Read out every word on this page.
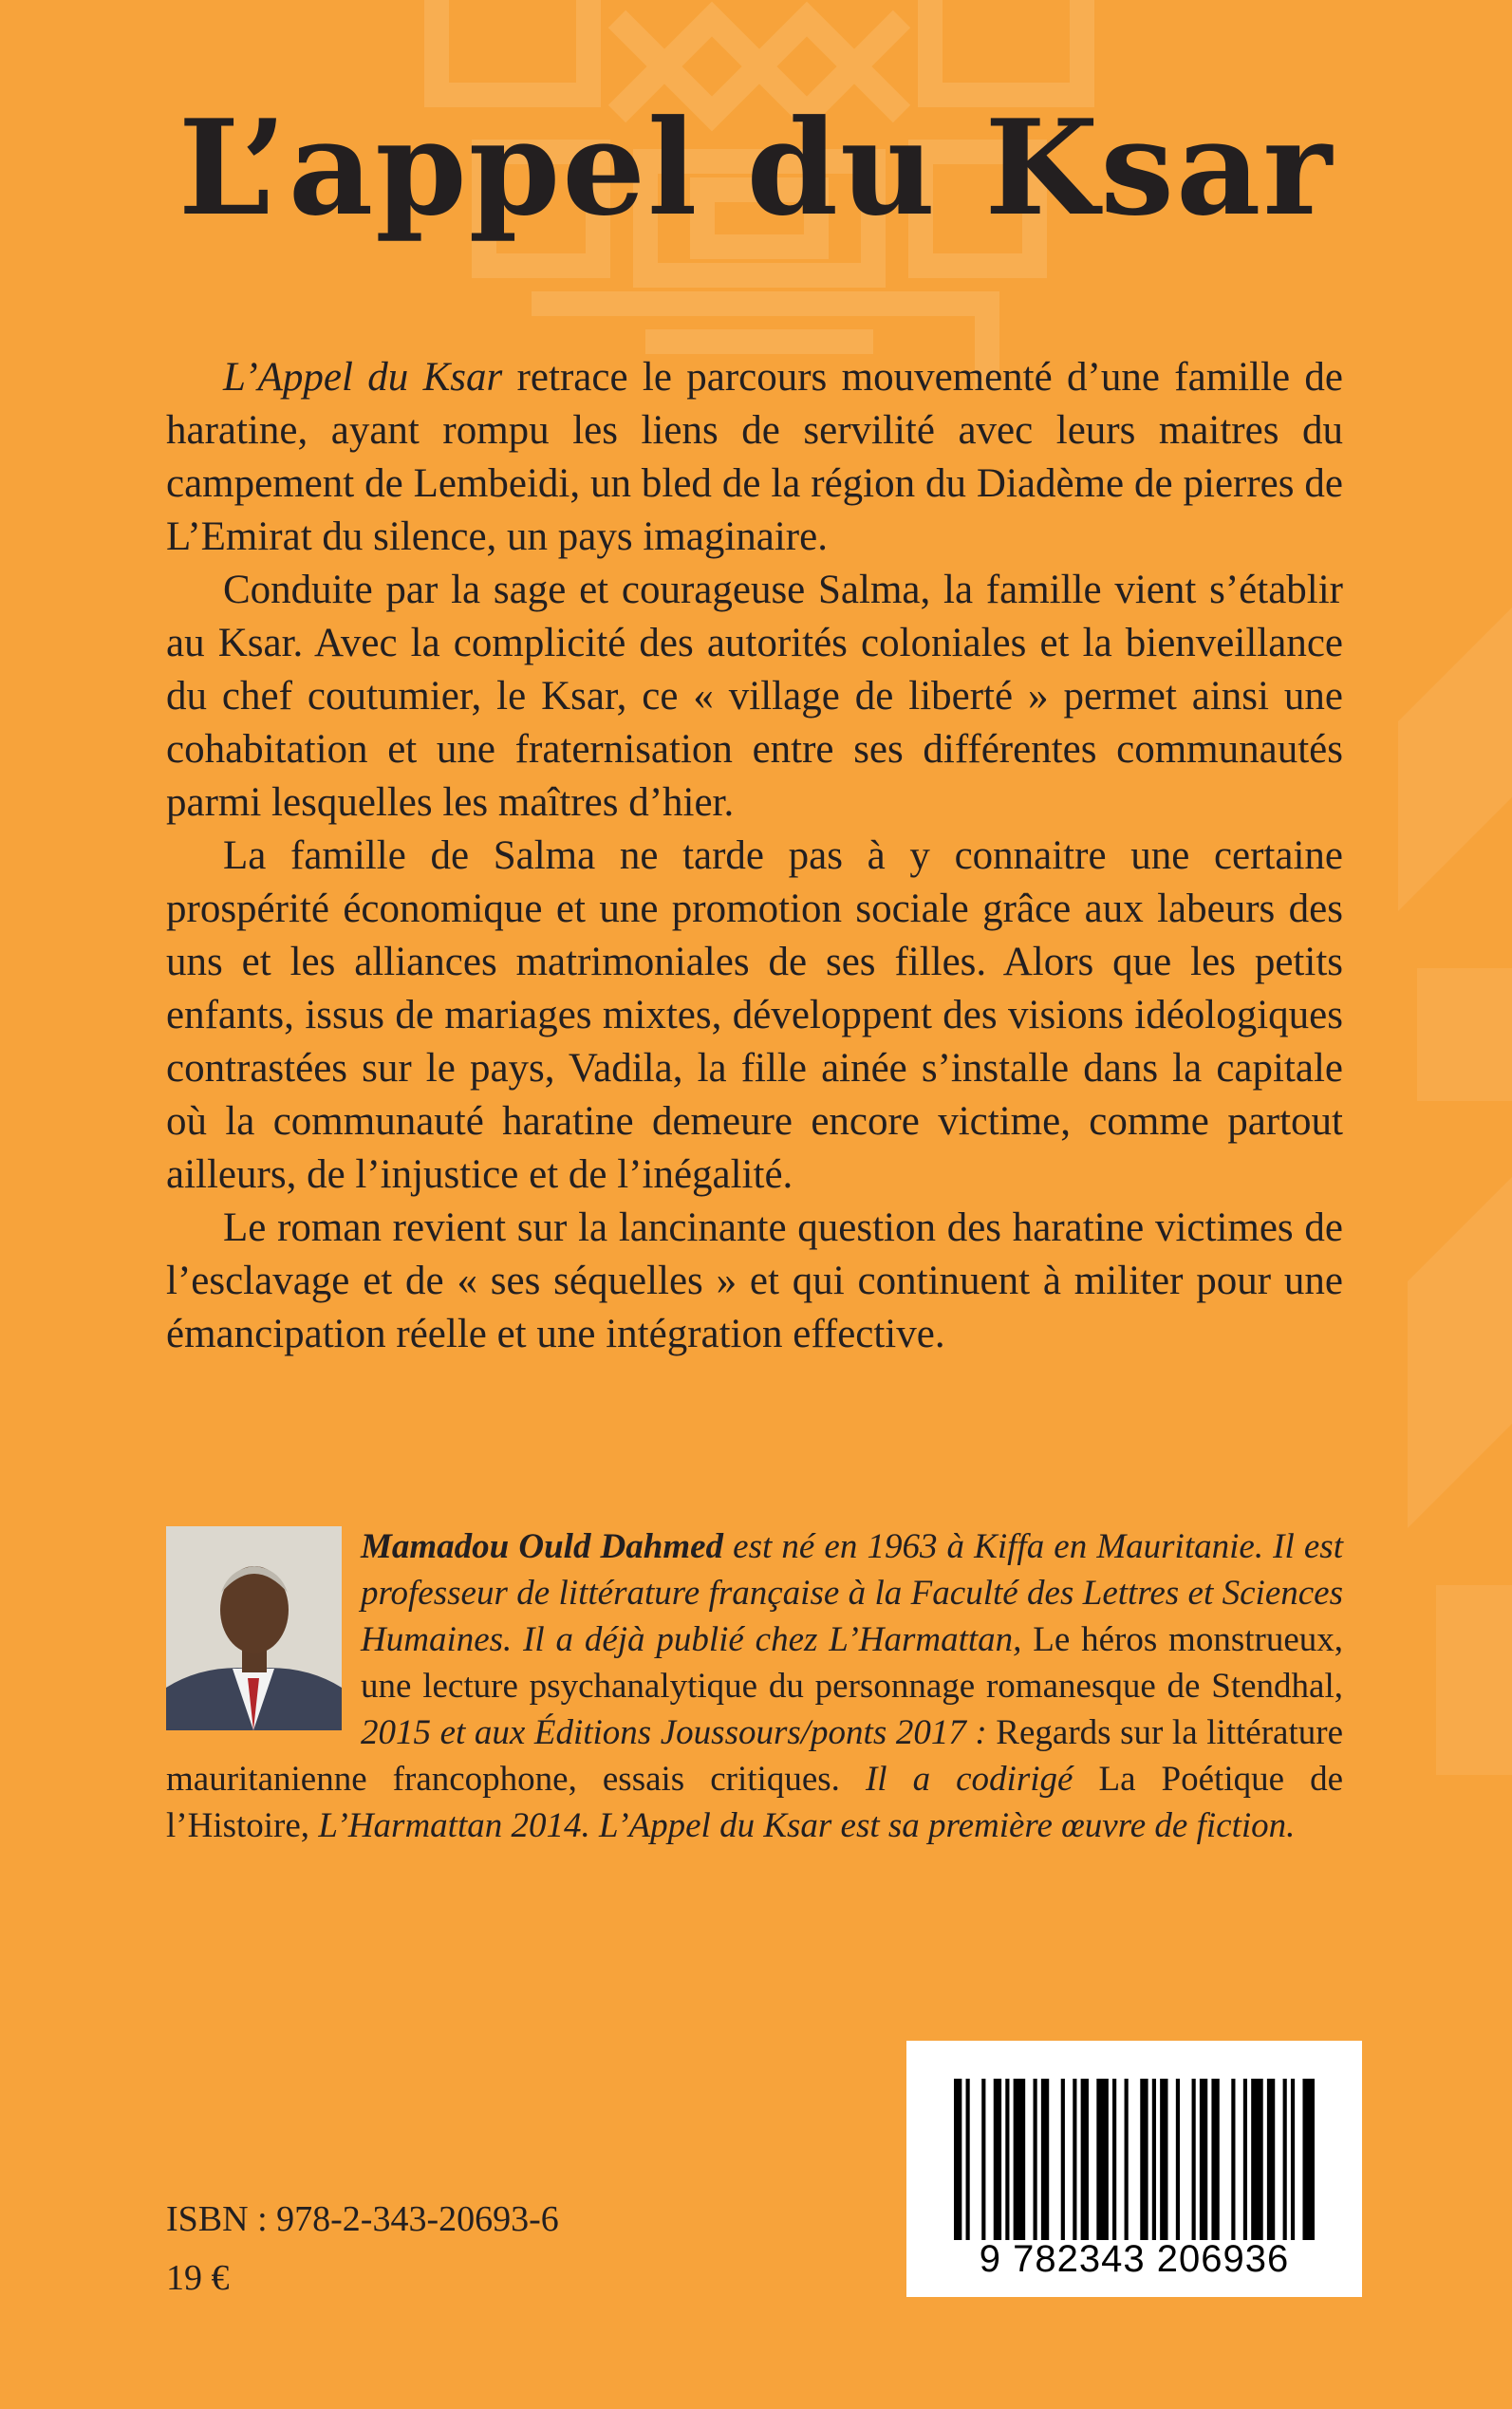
L’appel du Ksar

L’Appel du Ksar retrace le parcours mouvementé d’une famille de haratine, ayant rompu les liens de servilité avec leurs maitres du campement de Lembeidi, un bled de la région du Diadème de pierres de L’Emirat du silence, un pays imaginaire.

Conduite par la sage et courageuse Salma, la famille vient s’établir au Ksar. Avec la complicité des autorités coloniales et la bienveillance du chef coutumier, le Ksar, ce « village de liberté » permet ainsi une cohabitation et une fraternisation entre ses différentes communautés parmi lesquelles les maîtres d’hier.

La famille de Salma ne tarde pas à y connaitre une certaine prospérité économique et une promotion sociale grâce aux labeurs des uns et les alliances matrimoniales de ses filles. Alors que les petits enfants, issus de mariages mixtes, développent des visions idéologiques contrastées sur le pays, Vadila, la fille ainée s’installe dans la capitale où la communauté haratine demeure encore victime, comme partout ailleurs, de l’injustice et de l’inégalité.

Le roman revient sur la lancinante question des haratine victimes de l’esclavage et de « ses séquelles » et qui continuent à militer pour une émancipation réelle et une intégration effective.

Mamadou Ould Dahmed est né en 1963 à Kiffa en Mauritanie. Il est professeur de littérature française à la Faculté des Lettres et Sciences Humaines. Il a déjà publié chez L’Harmattan, Le héros monstrueux, une lecture psychanalytique du personnage romanesque de Stendhal, 2015 et aux Éditions Joussours/ponts 2017 : Regards sur la littérature mauritanienne francophone, essais critiques. Il a codirigé La Poétique de l’Histoire, L’Harmattan 2014. L’Appel du Ksar est sa première œuvre de fiction.
ISBN : 978-2-343-20693-6
19 €	9 782343 206936
